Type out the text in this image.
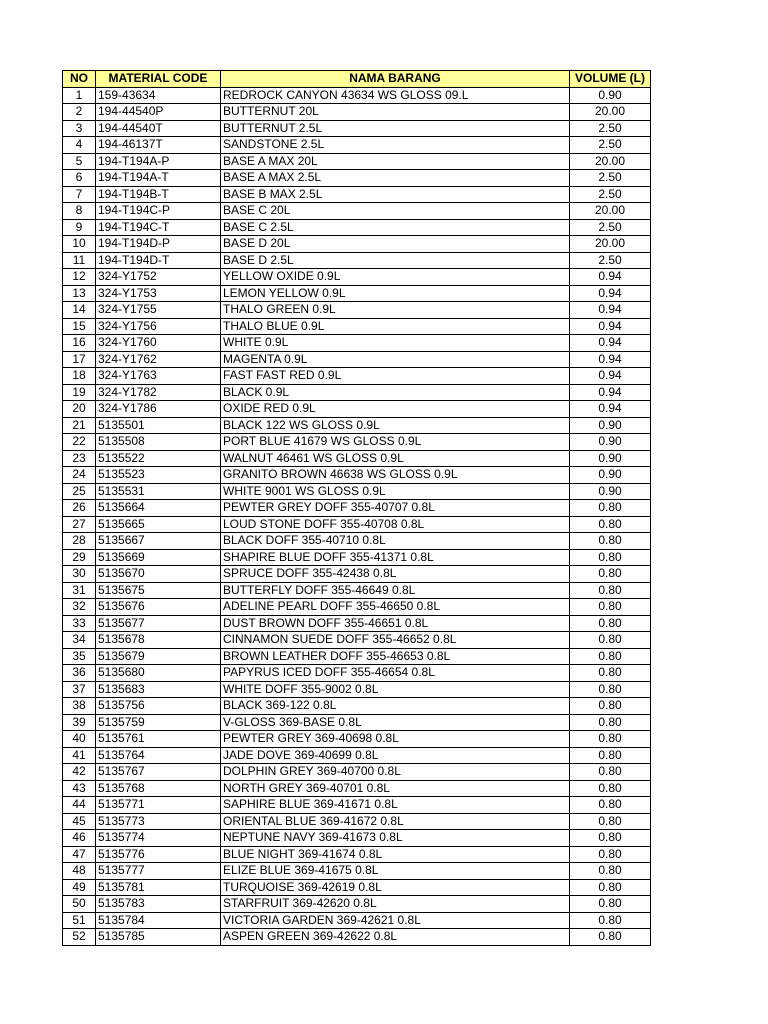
NO	MATERIAL CODE	NAMA BARANG	VOLUME (L)
1	159-43634	REDROCK CANYON 43634 WS GLOSS 09.L	0.90
2	194-44540P	BUTTERNUT 20L	20.00
3	194-44540T	BUTTERNUT 2.5L	2.50
4	194-46137T	SANDSTONE 2.5L	2.50
5	194-T194A-P	BASE A MAX 20L	20.00
6	194-T194A-T	BASE A MAX 2.5L	2.50
7	194-T194B-T	BASE B MAX 2.5L	2.50
8	194-T194C-P	BASE C 20L	20.00
9	194-T194C-T	BASE C 2.5L	2.50
10	194-T194D-P	BASE D 20L	20.00
11	194-T194D-T	BASE D 2.5L	2.50
12	324-Y1752	YELLOW OXIDE 0.9L	0.94
13	324-Y1753	LEMON YELLOW 0.9L	0.94
14	324-Y1755	THALO GREEN 0.9L	0.94
15	324-Y1756	THALO BLUE 0.9L	0.94
16	324-Y1760	WHITE 0.9L	0.94
17	324-Y1762	MAGENTA 0.9L	0.94
18	324-Y1763	FAST FAST RED 0.9L	0.94
19	324-Y1782	BLACK 0.9L	0.94
20	324-Y1786	OXIDE RED 0.9L	0.94
21	5135501	BLACK 122 WS GLOSS 0.9L	0.90
22	5135508	PORT BLUE 41679 WS GLOSS 0.9L	0.90
23	5135522	WALNUT 46461 WS GLOSS 0.9L	0.90
24	5135523	GRANITO BROWN 46638 WS GLOSS 0.9L	0.90
25	5135531	WHITE 9001 WS GLOSS 0.9L	0.90
26	5135664	PEWTER GREY DOFF 355-40707 0.8L	0.80
27	5135665	LOUD STONE DOFF 355-40708 0.8L	0.80
28	5135667	BLACK DOFF 355-40710 0.8L	0.80
29	5135669	SHAPIRE BLUE DOFF 355-41371 0.8L	0.80
30	5135670	SPRUCE DOFF 355-42438 0.8L	0.80
31	5135675	BUTTERFLY DOFF 355-46649 0.8L	0.80
32	5135676	ADELINE PEARL DOFF 355-46650 0.8L	0.80
33	5135677	DUST BROWN DOFF 355-46651 0.8L	0.80
34	5135678	CINNAMON SUEDE DOFF 355-46652 0.8L	0.80
35	5135679	BROWN LEATHER DOFF 355-46653 0.8L	0.80
36	5135680	PAPYRUS ICED DOFF 355-46654 0.8L	0.80
37	5135683	WHITE DOFF 355-9002 0.8L	0.80
38	5135756	BLACK 369-122 0.8L	0.80
39	5135759	V-GLOSS 369-BASE 0.8L	0.80
40	5135761	PEWTER GREY 369-40698 0.8L	0.80
41	5135764	JADE DOVE 369-40699 0.8L	0.80
42	5135767	DOLPHIN GREY 369-40700 0.8L	0.80
43	5135768	NORTH GREY 369-40701 0.8L	0.80
44	5135771	SAPHIRE BLUE 369-41671 0.8L	0.80
45	5135773	ORIENTAL BLUE 369-41672 0.8L	0.80
46	5135774	NEPTUNE NAVY 369-41673 0.8L	0.80
47	5135776	BLUE NIGHT 369-41674 0.8L	0.80
48	5135777	ELIZE BLUE 369-41675 0.8L	0.80
49	5135781	TURQUOISE 369-42619 0.8L	0.80
50	5135783	STARFRUIT 369-42620 0.8L	0.80
51	5135784	VICTORIA GARDEN 369-42621 0.8L	0.80
52	5135785	ASPEN GREEN 369-42622 0.8L	0.80
